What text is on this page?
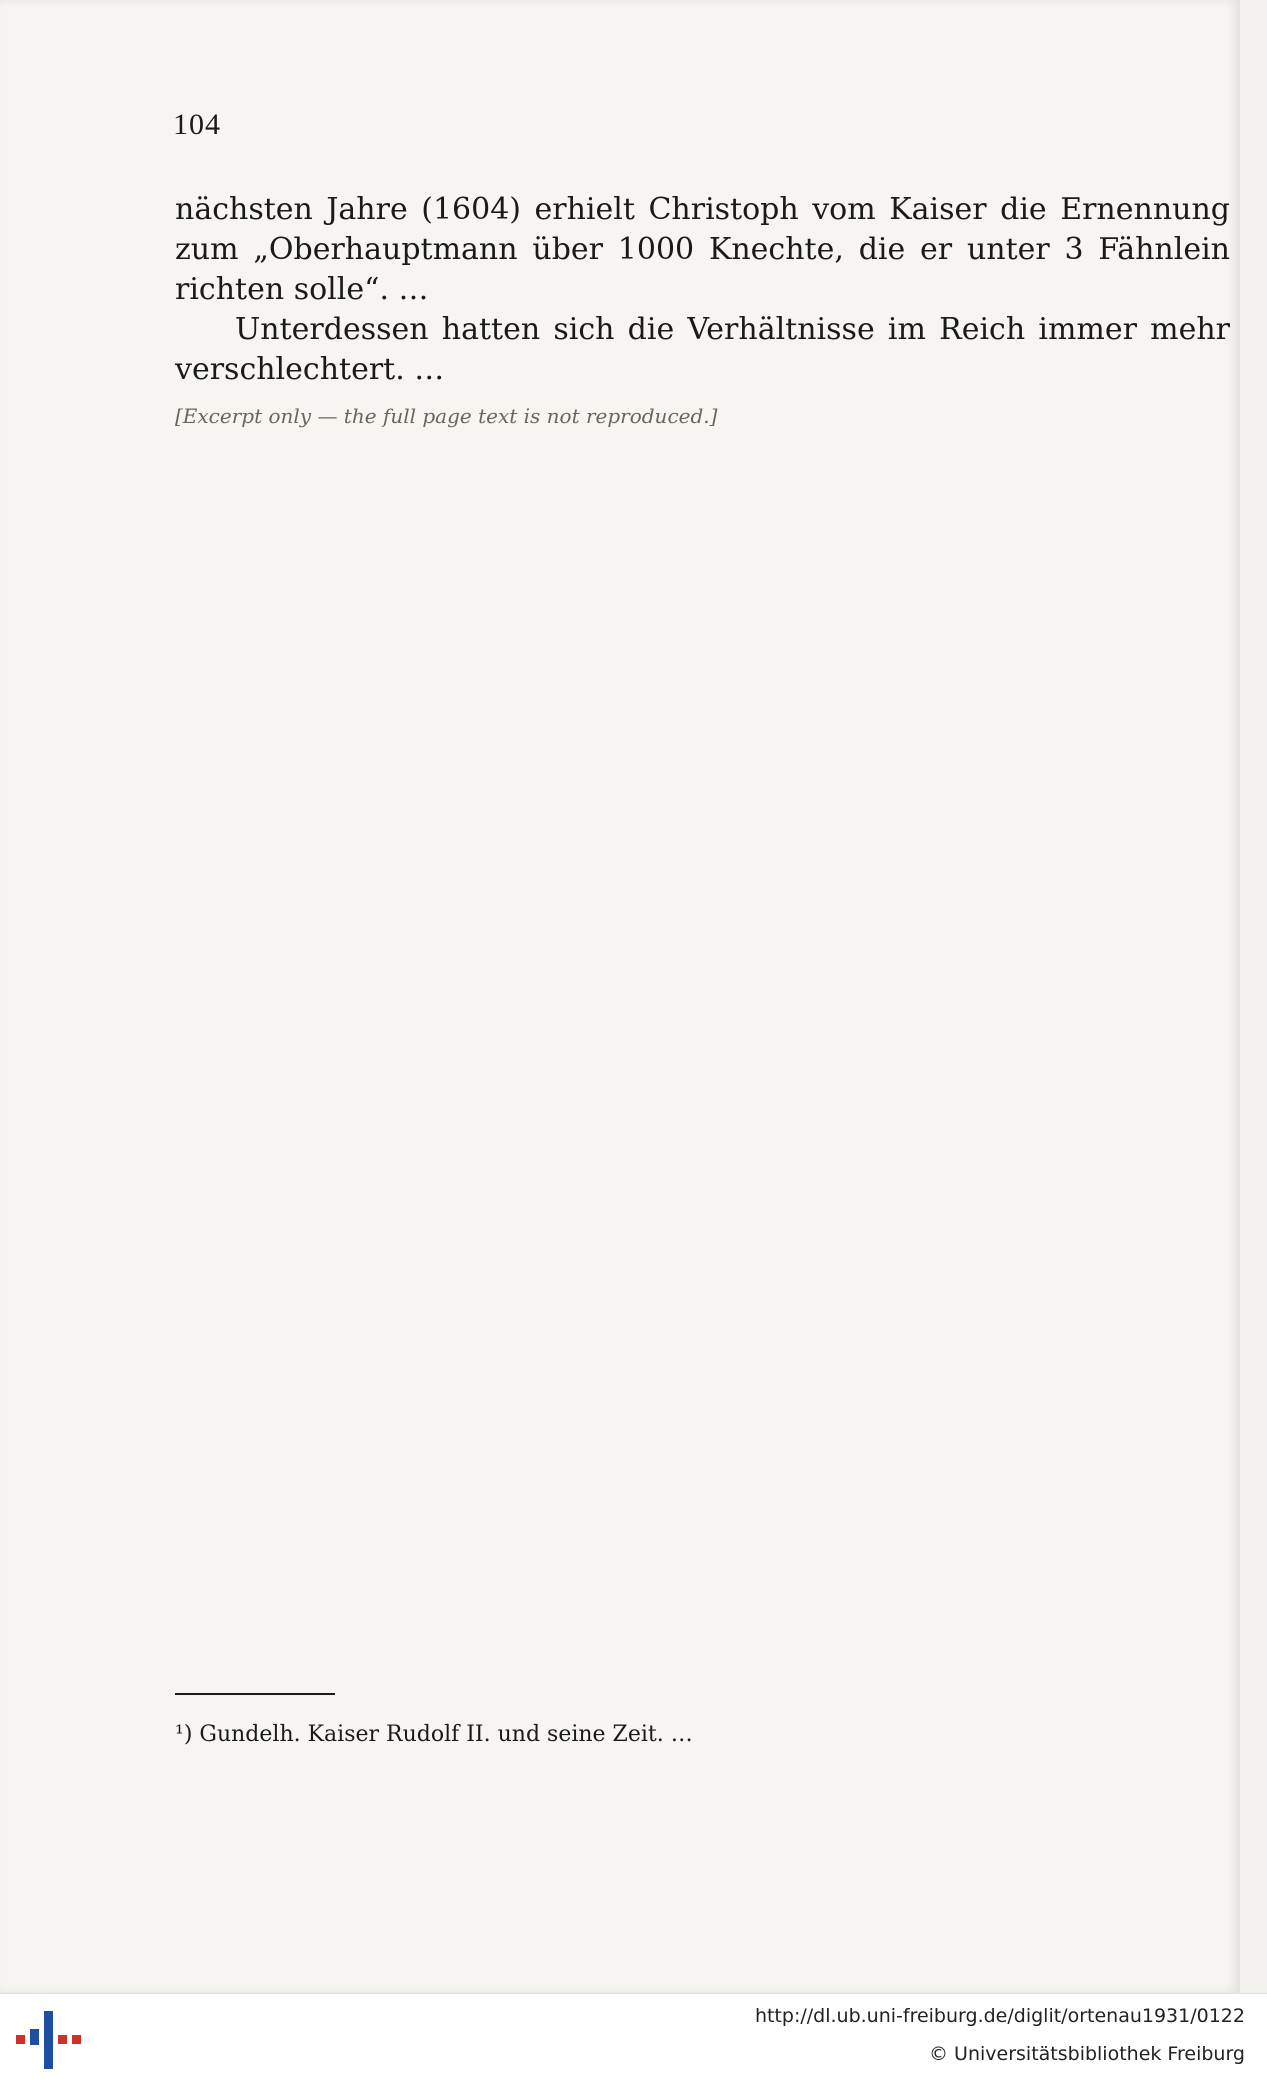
104

nächsten Jahre (1604) erhielt Christoph vom Kaiser die Ernennung zum „Oberhauptmann über 1000 Knechte, die er unter 3 Fähnlein richten solle“. …

Unterdessen hatten sich die Verhältnisse im Reich immer mehr verschlechtert. …

[Excerpt only — the full page text is not reproduced.]

¹) Gundelh. Kaiser Rudolf II. und seine Zeit. …

http://dl.ub.uni-freiburg.de/diglit/ortenau1931/0122
© Universitätsbibliothek Freiburg
